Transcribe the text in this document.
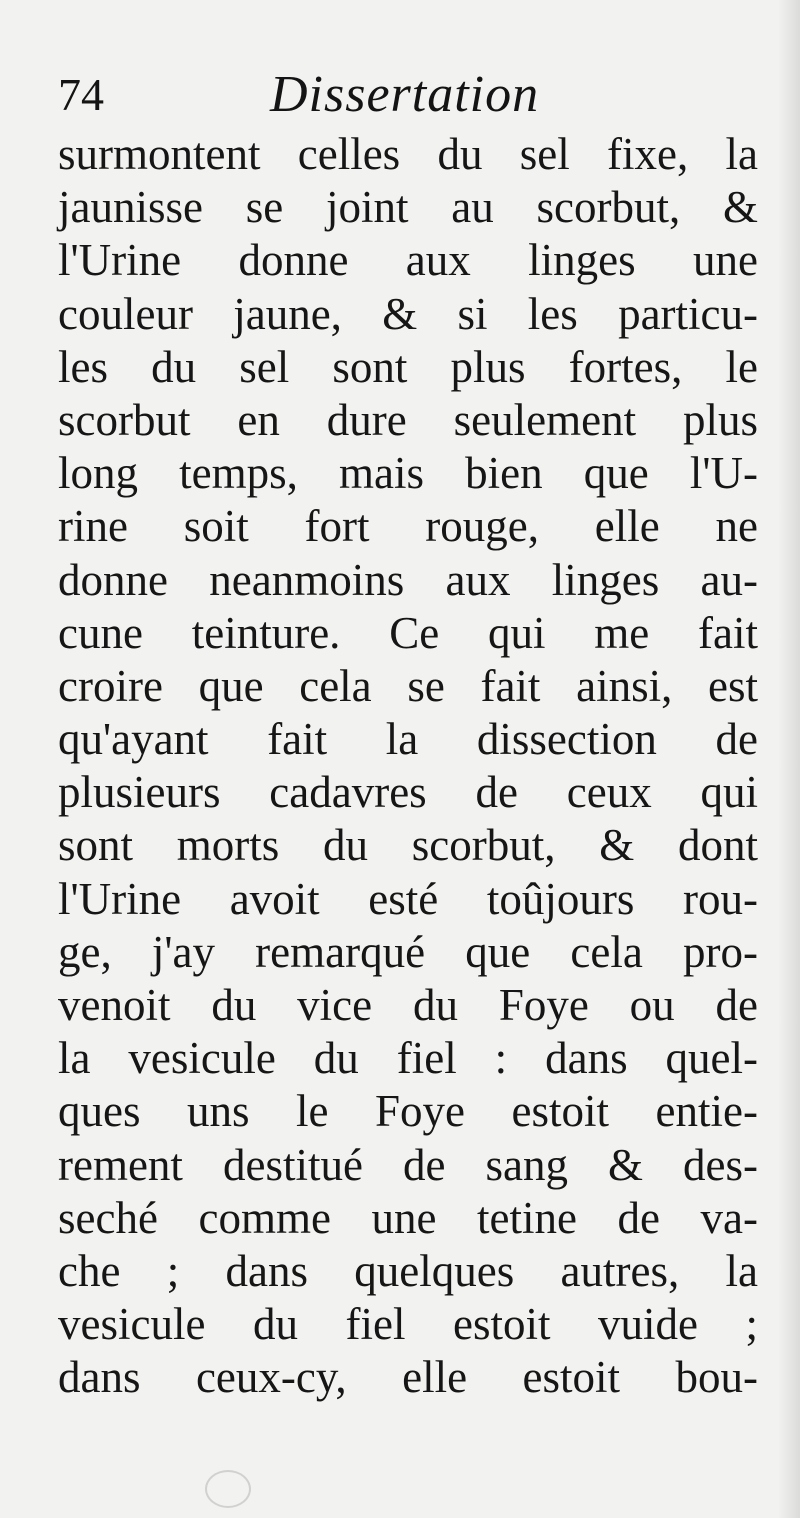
74	Dissertation
surmontent celles du sel fixe, la
jaunisse se joint au scorbut, &
l'Urine donne aux linges une
couleur jaune, & si les particu-
les du sel sont plus fortes, le
scorbut en dure seulement plus
long temps, mais bien que l'U-
rine soit fort rouge, elle ne
donne neanmoins aux linges au-
cune teinture. Ce qui me fait
croire que cela se fait ainsi, est
qu'ayant fait la dissection de
plusieurs cadavres de ceux qui
sont morts du scorbut, & dont
l'Urine avoit esté toûjours rou-
ge, j'ay remarqué que cela pro-
venoit du vice du Foye ou de
la vesicule du fiel : dans quel-
ques uns le Foye estoit entie-
rement destitué de sang & des-
seché comme une tetine de va-
che ; dans quelques autres, la
vesicule du fiel estoit vuide ;
dans ceux-cy, elle estoit bou-
